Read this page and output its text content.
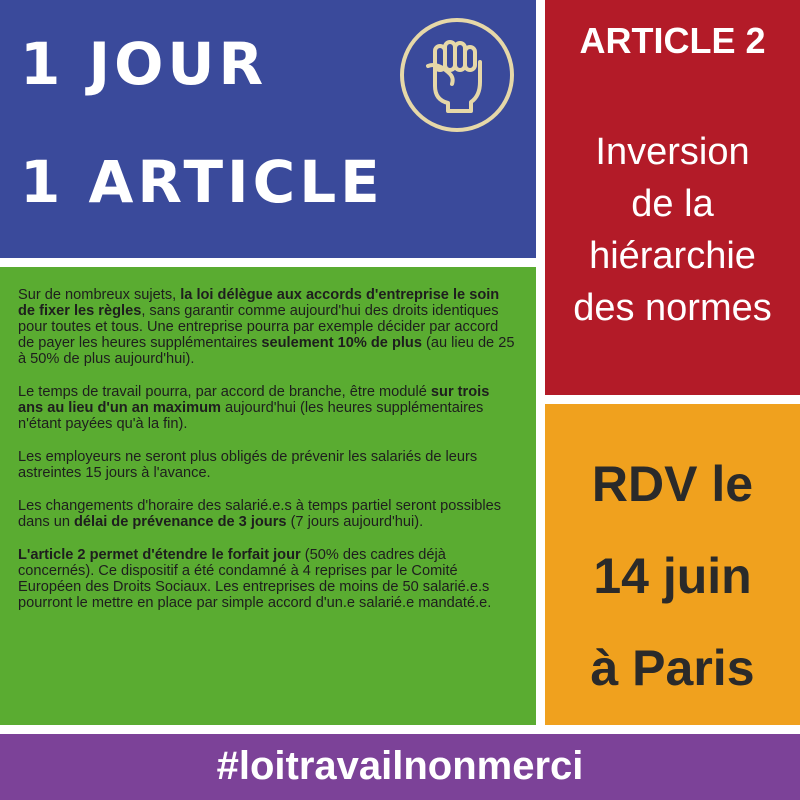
1 JOUR
1 ARTICLE
ARTICLE 2
Inversion
de la
hiérarchie
des normes

Sur de nombreux sujets, la loi délègue aux accords d'entreprise le soin de fixer les règles, sans garantir comme aujourd'hui des droits identiques pour toutes et tous. Une entreprise pourra par exemple décider par accord de payer les heures supplémentaires seulement 10% de plus (au lieu de 25 à 50% de plus aujourd'hui).

Le temps de travail pourra, par accord de branche, être modulé sur trois ans au lieu d'un an maximum aujourd'hui (les heures supplémentaires n'étant payées qu'à la fin).

Les employeurs ne seront plus obligés de prévenir les salariés de leurs astreintes 15 jours à l'avance.

Les changements d'horaire des salarié.e.s à temps partiel seront possibles dans un délai de prévenance de 3 jours (7 jours aujourd'hui).

L'article 2 permet d'étendre le forfait jour (50% des cadres déjà concernés). Ce dispositif a été condamné à 4 reprises par le Comité Européen des Droits Sociaux. Les entreprises de moins de 50 salarié.e.s pourront le mettre en place par simple accord d'un.e salarié.e mandaté.e.

RDV le
14 juin
à Paris
#loitravailnonmerci
